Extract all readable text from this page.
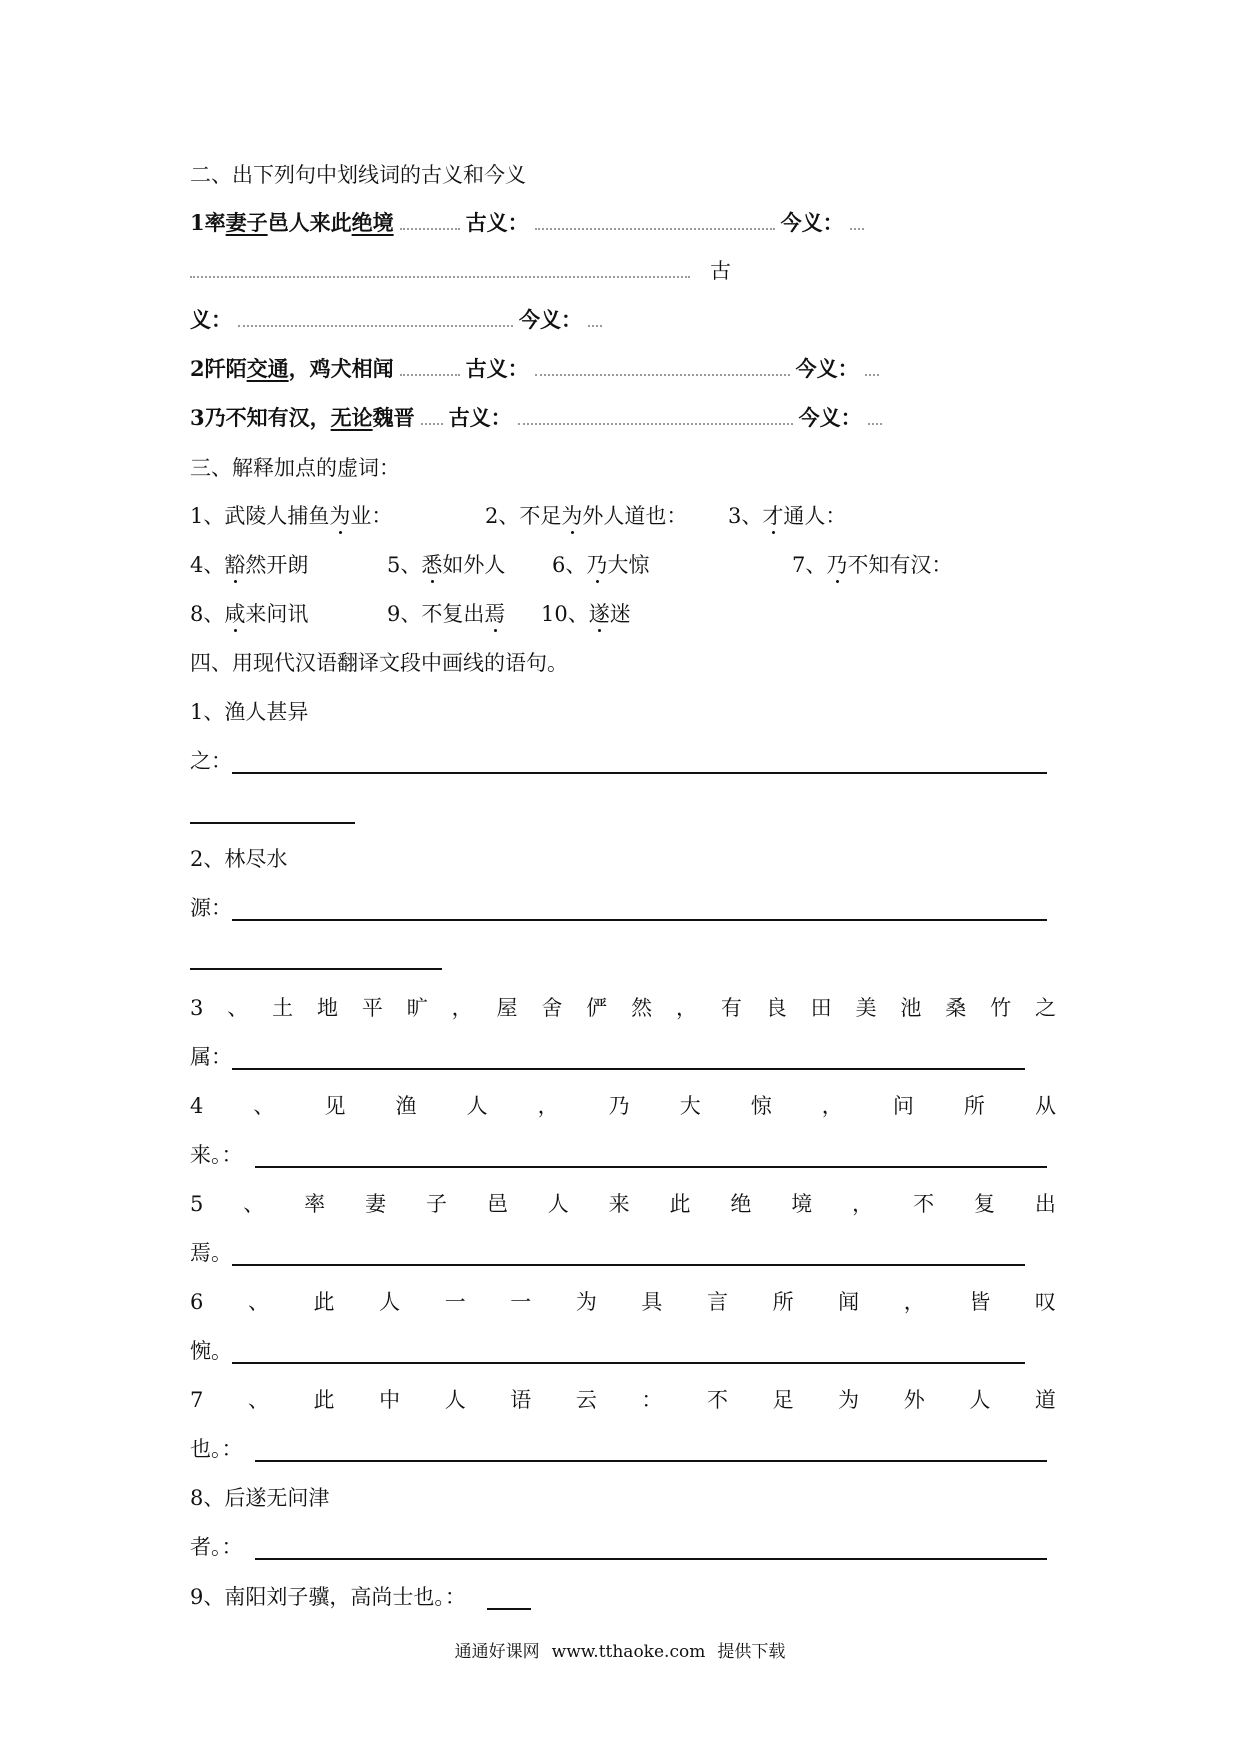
二、出下列句中划线词的古义和今义
1率妻子邑人来此绝境	古义：	今义：
古
义：	今义：
2阡陌交通，鸡犬相闻	古义：	今义：
3乃不知有汉，无论魏晋 古义：	今义：
三、解释加点的虚词：
1、武陵人捕鱼为业：	2、不足为外人道也： 3、才通人：
4、豁然开朗	5、悉如外人 6、乃大惊	7、乃不知有汉：
8、咸来问讯	9、不复出焉 10、遂迷
四、用现代汉语翻译文段中画线的语句。
1、渔人甚异
之：
2、林尽水
源：
3 、 土 地 平 旷 ， 屋 舍 俨 然 ， 有 良 田 美 池 桑 竹 之
属：
4 、 见 渔 人 ， 乃 大 惊 ， 问 所 从
来。：
5 、 率 妻 子 邑 人 来 此 绝 境 ， 不 复 出
焉。
6 、 此 人 一 一 为 具 言 所 闻 ， 皆 叹
惋。
7 、 此 中 人 语 云 ： 不 足 为 外 人 道
也。：
8、后遂无问津
者。：
9、南阳刘子骥，高尚士也。：
通通好课网 www.tthaoke.com 提供下载
